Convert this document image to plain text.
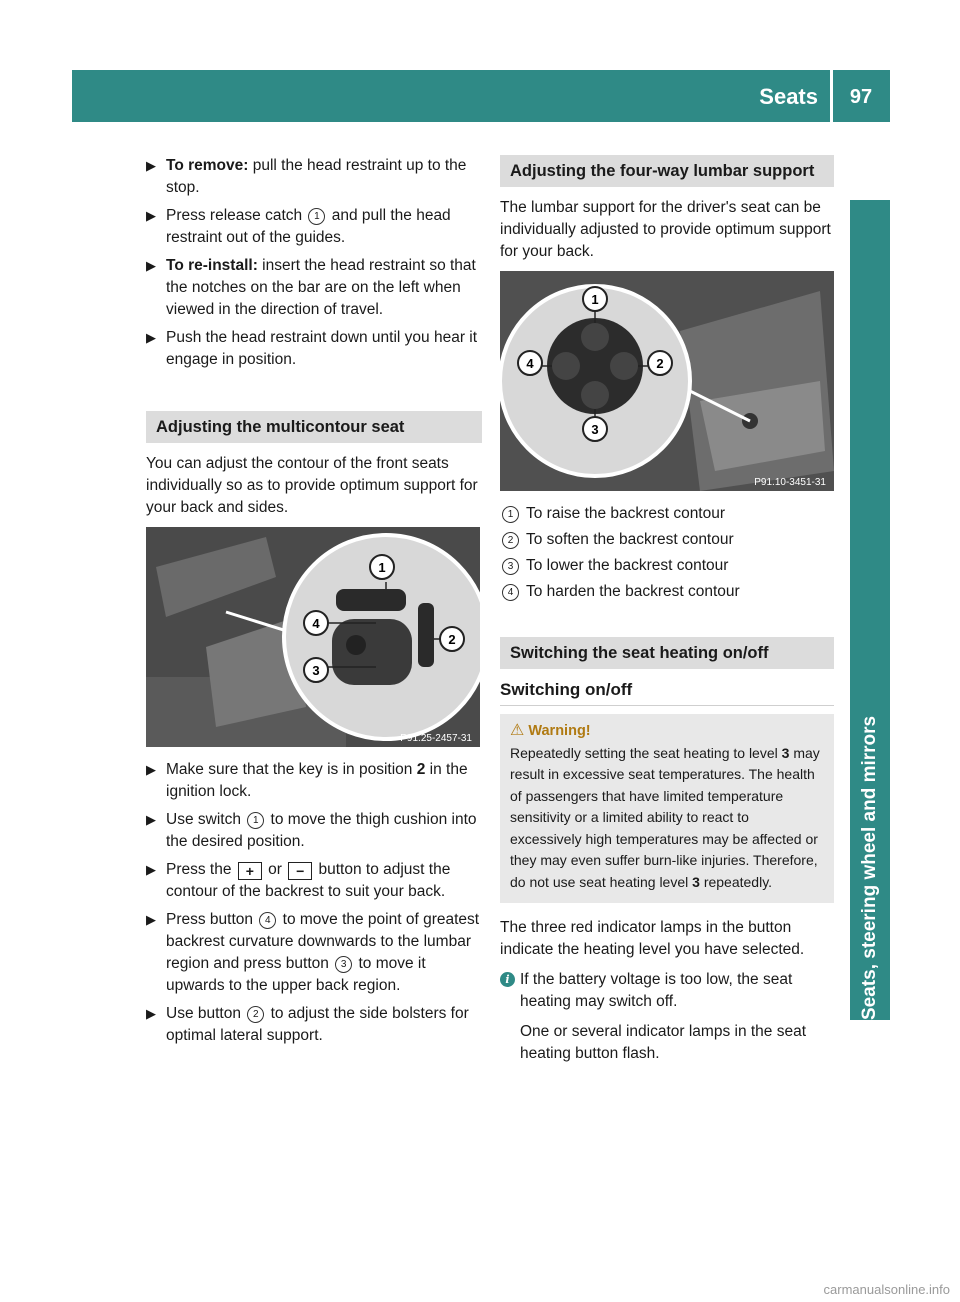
Seats	97
Seats, steering wheel and mirrors
▶ To remove: pull the head restraint up to the stop.
▶ Press release catch 1 and pull the head restraint out of the guides.
▶ To re-install: insert the head restraint so that the notches on the bar are on the left when viewed in the direction of travel.
▶ Push the head restraint down until you hear it engage in position.
Adjusting the multicontour seat

You can adjust the contour of the front seats individually so as to provide optimum support for your back and sides.

1
2
3
4
P91.25-2457-31
▶ Make sure that the key is in position 2 in the ignition lock.
▶ Use switch 1 to move the thigh cushion into the desired position.
▶ Press the + or − button to adjust the contour of the backrest to suit your back.
▶ Press button 4 to move the point of greatest backrest curvature downwards to the lumbar region and press button 3 to move it upwards to the upper back region.
▶ Use button 2 to adjust the side bolsters for optimal lateral support.
Adjusting the four-way lumbar support

The lumbar support for the driver's seat can be individually adjusted to provide optimum support for your back.

1
2
3
4
P91.10-3451-31
1 To raise the backrest contour
2 To soften the backrest contour
3 To lower the backrest contour
4 To harden the backrest contour
Switching the seat heating on/off
Switching on/off
⚠ Warning!
Repeatedly setting the seat heating to level 3 may result in excessive seat temperatures. The health of passengers that have limited temperature sensitivity or a limited ability to react to excessively high temperatures may be affected or they may even suffer burn-like injuries. Therefore, do not use seat heating level 3 repeatedly.

The three red indicator lamps in the button indicate the heating level you have selected.

i If the battery voltage is too low, the seat heating may switch off.

One or several indicator lamps in the seat heating button flash.

carmanualsonline.info
